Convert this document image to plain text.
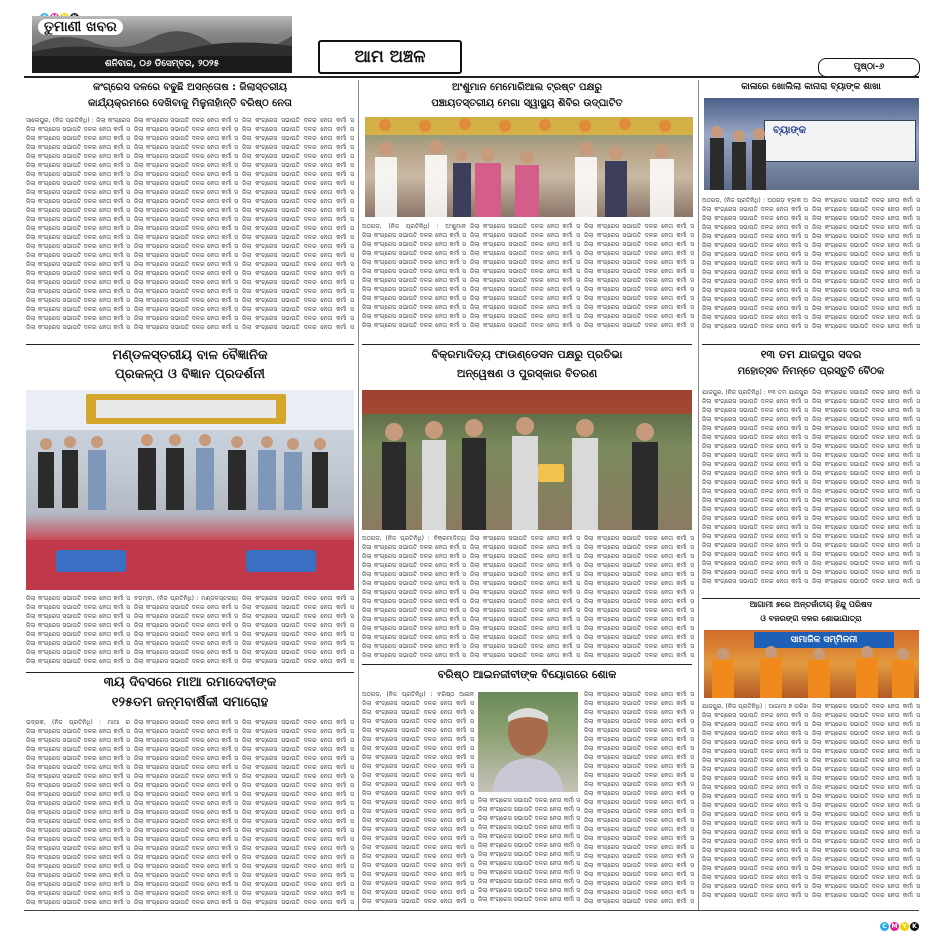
ତୁମାଣୀ ଖବର
ଶନିବାର, ୦୬ ଡିସେମ୍ବର, ୨୦୨୫	ଆମ ଅଞ୍ଚଳ	ପୃଷ୍ଠା-୬
କଂଗ୍ରେସ ଦଳରେ ବଢୁଛି ଅସନ୍ତୋଷ : ଜିଲାସ୍ତରୀୟ
କାର୍ଯ୍ୟକ୍ରମରେ ଦେଖିବାକୁ ମିଳୁନାହାଁନ୍ତି ବରିଷ୍ଠ ନେତା
ସାଲେପୁର, (ନିଜ ପ୍ରତିନିଧି) : ଜିଲା କଂଗ୍ରେସ
ଜିଲା କଂଗ୍ରେସ ସଭାପତି ଦଳର ନେତା କର୍ମୀ ସ
ଜିଲା କଂଗ୍ରେସ ସଭାପତି ଦଳର ନେତା କର୍ମୀ ସ
ଜିଲା କଂଗ୍ରେସ ସଭାପତି ଦଳର ନେତା କର୍ମୀ ସ
ଜିଲା କଂଗ୍ରେସ ସଭାପତି ଦଳର ନେତା କର୍ମୀ ସ
ଜିଲା କଂଗ୍ରେସ ସଭାପତି ଦଳର ନେତା କର୍ମୀ ସ
ଜିଲା କଂଗ୍ରେସ ସଭାପତି ଦଳର ନେତା କର୍ମୀ ସ
ଜିଲା କଂଗ୍ରେସ ସଭାପତି ଦଳର ନେତା କର୍ମୀ ସ
ଜିଲା କଂଗ୍ରେସ ସଭାପତି ଦଳର ନେତା କର୍ମୀ ସ
ଜିଲା କଂଗ୍ରେସ ସଭାପତି ଦଳର ନେତା କର୍ମୀ ସ
ଜିଲା କଂଗ୍ରେସ ସଭାପତି ଦଳର ନେତା କର୍ମୀ ସ
ଜିଲା କଂଗ୍ରେସ ସଭାପତି ଦଳର ନେତା କର୍ମୀ ସ
ଜିଲା କଂଗ୍ରେସ ସଭାପତି ଦଳର ନେତା କର୍ମୀ ସ
ଜିଲା କଂଗ୍ରେସ ସଭାପତି ଦଳର ନେତା କର୍ମୀ ସ
ଜିଲା କଂଗ୍ରେସ ସଭାପତି ଦଳର ନେତା କର୍ମୀ ସ
ଜିଲା କଂଗ୍ରେସ ସଭାପତି ଦଳର ନେତା କର୍ମୀ ସ
ଜିଲା କଂଗ୍ରେସ ସଭାପତି ଦଳର ନେତା କର୍ମୀ ସ
ଜିଲା କଂଗ୍ରେସ ସଭାପତି ଦଳର ନେତା କର୍ମୀ ସ
ଜିଲା କଂଗ୍ରେସ ସଭାପତି ଦଳର ନେତା କର୍ମୀ ସ
ଜିଲା କଂଗ୍ରେସ ସଭାପତି ଦଳର ନେତା କର୍ମୀ ସ
ଜିଲା କଂଗ୍ରେସ ସଭାପତି ଦଳର ନେତା କର୍ମୀ ସ
ଜିଲା କଂଗ୍ରେସ ସଭାପତି ଦଳର ନେତା କର୍ମୀ ସ
ଜିଲା କଂଗ୍ରେସ ସଭାପତି ଦଳର ନେତା କର୍ମୀ ସ
ଜିଲା କଂଗ୍ରେସ ସଭାପତି ଦଳର ନେତା କର୍ମୀ ସ
ଜିଲା କଂଗ୍ରେସ ସଭାପତି ଦଳର ନେତା କର୍ମୀ ସ
ଜିଲା କଂଗ୍ରେସ ସଭାପତି ଦଳର ନେତା କର୍ମୀ ସ
ଜିଲା କଂଗ୍ରେସ ସଭାପତି ଦଳର ନେତା କର୍ମୀ ସ
ଜିଲା କଂଗ୍ରେସ ସଭାପତି ଦଳର ନେତା କର୍ମୀ ସ
ଜିଲା କଂଗ୍ରେସ ସଭାପତି ଦଳର ନେତା କର୍ମୀ ସ
ଜିଲା କଂଗ୍ରେସ ସଭାପତି ଦଳର ନେତା କର୍ମୀ ସ
ଜିଲା କଂଗ୍ରେସ ସଭାପତି ଦଳର ନେତା କର୍ମୀ ସ
ଜିଲା କଂଗ୍ରେସ ସଭାପତି ଦଳର ନେତା କର୍ମୀ ସ
ଜିଲା କଂଗ୍ରେସ ସଭାପତି ଦଳର ନେତା କର୍ମୀ ସ
ଜିଲା କଂଗ୍ରେସ ସଭାପତି ଦଳର ନେତା କର୍ମୀ ସ
ଜିଲା କଂଗ୍ରେସ ସଭାପତି ଦଳର ନେତା କର୍ମୀ ସ
ଜିଲା କଂଗ୍ରେସ ସଭାପତି ଦଳର ନେତା କର୍ମୀ ସ
ଜିଲା କଂଗ୍ରେସ ସଭାପତି ଦଳର ନେତା କର୍ମୀ ସ
ଜିଲା କଂଗ୍ରେସ ସଭାପତି ଦଳର ନେତା କର୍ମୀ ସ
ଜିଲା କଂଗ୍ରେସ ସଭାପତି ଦଳର ନେତା କର୍ମୀ ସ
ଜିଲା କଂଗ୍ରେସ ସଭାପତି ଦଳର ନେତା କର୍ମୀ ସ
ଜିଲା କଂଗ୍ରେସ ସଭାପତି ଦଳର ନେତା କର୍ମୀ ସ
ଜିଲା କଂଗ୍ରେସ ସଭାପତି ଦଳର ନେତା କର୍ମୀ ସ
ଜିଲା କଂଗ୍ରେସ ସଭାପତି ଦଳର ନେତା କର୍ମୀ ସ
ଜିଲା କଂଗ୍ରେସ ସଭାପତି ଦଳର ନେତା କର୍ମୀ ସ
ଜିଲା କଂଗ୍ରେସ ସଭାପତି ଦଳର ନେତା କର୍ମୀ ସ
ଜିଲା କଂଗ୍ରେସ ସଭାପତି ଦଳର ନେତା କର୍ମୀ ସ
ଜିଲା କଂଗ୍ରେସ ସଭାପତି ଦଳର ନେତା କର୍ମୀ ସ
ଜିଲା କଂଗ୍ରେସ ସଭାପତି ଦଳର ନେତା କର୍ମୀ ସ
ଜିଲା କଂଗ୍ରେସ ସଭାପତି ଦଳର ନେତା କର୍ମୀ ସ
ଜିଲା କଂଗ୍ରେସ ସଭାପତି ଦଳର ନେତା କର୍ମୀ ସ
ଜିଲା କଂଗ୍ରେସ ସଭାପତି ଦଳର ନେତା କର୍ମୀ ସ
ଜିଲା କଂଗ୍ରେସ ସଭାପତି ଦଳର ନେତା କର୍ମୀ ସ
ଜିଲା କଂଗ୍ରେସ ସଭାପତି ଦଳର ନେତା କର୍ମୀ ସ
ଜିଲା କଂଗ୍ରେସ ସଭାପତି ଦଳର ନେତା କର୍ମୀ ସ
ଜିଲା କଂଗ୍ରେସ ସଭାପତି ଦଳର ନେତା କର୍ମୀ ସ
ଜିଲା କଂଗ୍ରେସ ସଭାପତି ଦଳର ନେତା କର୍ମୀ ସ
ଜିଲା କଂଗ୍ରେସ ସଭାପତି ଦଳର ନେତା କର୍ମୀ ସ
ଜିଲା କଂଗ୍ରେସ ସଭାପତି ଦଳର ନେତା କର୍ମୀ ସ
ଜିଲା କଂଗ୍ରେସ ସଭାପତି ଦଳର ନେତା କର୍ମୀ ସ
ଜିଲା କଂଗ୍ରେସ ସଭାପତି ଦଳର ନେତା କର୍ମୀ ସ
ଜିଲା କଂଗ୍ରେସ ସଭାପତି ଦଳର ନେତା କର୍ମୀ ସ
ଜିଲା କଂଗ୍ରେସ ସଭାପତି ଦଳର ନେତା କର୍ମୀ ସ
ଜିଲା କଂଗ୍ରେସ ସଭାପତି ଦଳର ନେତା କର୍ମୀ ସ
ଜିଲା କଂଗ୍ରେସ ସଭାପତି ଦଳର ନେତା କର୍ମୀ ସ
ଜିଲା କଂଗ୍ରେସ ସଭାପତି ଦଳର ନେତା କର୍ମୀ ସ
ଜିଲା କଂଗ୍ରେସ ସଭାପତି ଦଳର ନେତା କର୍ମୀ ସ
ଜିଲା କଂଗ୍ରେସ ସଭାପତି ଦଳର ନେତା କର୍ମୀ ସ
ଜିଲା କଂଗ୍ରେସ ସଭାପତି ଦଳର ନେତା କର୍ମୀ ସ
ଜିଲା କଂଗ୍ରେସ ସଭାପତି ଦଳର ନେତା କର୍ମୀ ସ
ଜିଲା କଂଗ୍ରେସ ସଭାପତି ଦଳର ନେତା କର୍ମୀ ସ
ଜିଲା କଂଗ୍ରେସ ସଭାପତି ଦଳର ନେତା କର୍ମୀ ସ
ଜିଲା କଂଗ୍ରେସ ସଭାପତି ଦଳର ନେତା କର୍ମୀ ସ
ଅଂଶୁମାନ ମେମୋରିଆଲ ଟ୍ରଷ୍ଟ ପକ୍ଷରୁ
ପଞ୍ଚାୟତସ୍ତରୀୟ ମେଗା ସ୍ୱାସ୍ଥ୍ୟ ଶିବିର ଉଦ୍‌ଘାଟିତ
ଅଠଗଡ଼, (ନିଜ ପ୍ରତିନିଧି) : ଅଂଶୁମାନ
ଜିଲା କଂଗ୍ରେସ ସଭାପତି ଦଳର ନେତା କର୍ମୀ ସ
ଜିଲା କଂଗ୍ରେସ ସଭାପତି ଦଳର ନେତା କର୍ମୀ ସ
ଜିଲା କଂଗ୍ରେସ ସଭାପତି ଦଳର ନେତା କର୍ମୀ ସ
ଜିଲା କଂଗ୍ରେସ ସଭାପତି ଦଳର ନେତା କର୍ମୀ ସ
ଜିଲା କଂଗ୍ରେସ ସଭାପତି ଦଳର ନେତା କର୍ମୀ ସ
ଜିଲା କଂଗ୍ରେସ ସଭାପତି ଦଳର ନେତା କର୍ମୀ ସ
ଜିଲା କଂଗ୍ରେସ ସଭାପତି ଦଳର ନେତା କର୍ମୀ ସ
ଜିଲା କଂଗ୍ରେସ ସଭାପତି ଦଳର ନେତା କର୍ମୀ ସ
ଜିଲା କଂଗ୍ରେସ ସଭାପତି ଦଳର ନେତା କର୍ମୀ ସ
ଜିଲା କଂଗ୍ରେସ ସଭାପତି ଦଳର ନେତା କର୍ମୀ ସ
ଜିଲା କଂଗ୍ରେସ ସଭାପତି ଦଳର ନେତା କର୍ମୀ ସ
ଜିଲା କଂଗ୍ରେସ ସଭାପତି ଦଳର ନେତା କର୍ମୀ ସ
ଜିଲା କଂଗ୍ରେସ ସଭାପତି ଦଳର ନେତା କର୍ମୀ ସ
ଜିଲା କଂଗ୍ରେସ ସଭାପତି ଦଳର ନେତା କର୍ମୀ ସ
ଜିଲା କଂଗ୍ରେସ ସଭାପତି ଦଳର ନେତା କର୍ମୀ ସ
ଜିଲା କଂଗ୍ରେସ ସଭାପତି ଦଳର ନେତା କର୍ମୀ ସ
ଜିଲା କଂଗ୍ରେସ ସଭାପତି ଦଳର ନେତା କର୍ମୀ ସ
ଜିଲା କଂଗ୍ରେସ ସଭାପତି ଦଳର ନେତା କର୍ମୀ ସ
ଜିଲା କଂଗ୍ରେସ ସଭାପତି ଦଳର ନେତା କର୍ମୀ ସ
ଜିଲା କଂଗ୍ରେସ ସଭାପତି ଦଳର ନେତା କର୍ମୀ ସ
ଜିଲା କଂଗ୍ରେସ ସଭାପତି ଦଳର ନେତା କର୍ମୀ ସ
ଜିଲା କଂଗ୍ରେସ ସଭାପତି ଦଳର ନେତା କର୍ମୀ ସ
ଜିଲା କଂଗ୍ରେସ ସଭାପତି ଦଳର ନେତା କର୍ମୀ ସ
ଜିଲା କଂଗ୍ରେସ ସଭାପତି ଦଳର ନେତା କର୍ମୀ ସ
ଜିଲା କଂଗ୍ରେସ ସଭାପତି ଦଳର ନେତା କର୍ମୀ ସ
ଜିଲା କଂଗ୍ରେସ ସଭାପତି ଦଳର ନେତା କର୍ମୀ ସ
ଜିଲା କଂଗ୍ରେସ ସଭାପତି ଦଳର ନେତା କର୍ମୀ ସ
ଜିଲା କଂଗ୍ରେସ ସଭାପତି ଦଳର ନେତା କର୍ମୀ ସ
ଜିଲା କଂଗ୍ରେସ ସଭାପତି ଦଳର ନେତା କର୍ମୀ ସ
ଜିଲା କଂଗ୍ରେସ ସଭାପତି ଦଳର ନେତା କର୍ମୀ ସ
ଜିଲା କଂଗ୍ରେସ ସଭାପତି ଦଳର ନେତା କର୍ମୀ ସ
ଜିଲା କଂଗ୍ରେସ ସଭାପତି ଦଳର ନେତା କର୍ମୀ ସ
ଜିଲା କଂଗ୍ରେସ ସଭାପତି ଦଳର ନେତା କର୍ମୀ ସ
ଜିଲା କଂଗ୍ରେସ ସଭାପତି ଦଳର ନେତା କର୍ମୀ ସ
ଜିଲା କଂଗ୍ରେସ ସଭାପତି ଦଳର ନେତା କର୍ମୀ ସ
କାଳାରେ ଖୋଲିଲା କାନାରା ବ୍ୟାଙ୍କ ଶାଖା
ବ୍ୟାଙ୍କ
ଅଠଗଡ଼, (ନିଜ ପ୍ରତିନିଧି) : ଅଠଗଡ଼ ବ୍ଲକ ଅ
ଜିଲା କଂଗ୍ରେସ ସଭାପତି ଦଳର ନେତା କର୍ମୀ ସ
ଜିଲା କଂଗ୍ରେସ ସଭାପତି ଦଳର ନେତା କର୍ମୀ ସ
ଜିଲା କଂଗ୍ରେସ ସଭାପତି ଦଳର ନେତା କର୍ମୀ ସ
ଜିଲା କଂଗ୍ରେସ ସଭାପତି ଦଳର ନେତା କର୍ମୀ ସ
ଜିଲା କଂଗ୍ରେସ ସଭାପତି ଦଳର ନେତା କର୍ମୀ ସ
ଜିଲା କଂଗ୍ରେସ ସଭାପତି ଦଳର ନେତା କର୍ମୀ ସ
ଜିଲା କଂଗ୍ରେସ ସଭାପତି ଦଳର ନେତା କର୍ମୀ ସ
ଜିଲା କଂଗ୍ରେସ ସଭାପତି ଦଳର ନେତା କର୍ମୀ ସ
ଜିଲା କଂଗ୍ରେସ ସଭାପତି ଦଳର ନେତା କର୍ମୀ ସ
ଜିଲା କଂଗ୍ରେସ ସଭାପତି ଦଳର ନେତା କର୍ମୀ ସ
ଜିଲା କଂଗ୍ରେସ ସଭାପତି ଦଳର ନେତା କର୍ମୀ ସ
ଜିଲା କଂଗ୍ରେସ ସଭାପତି ଦଳର ନେତା କର୍ମୀ ସ
ଜିଲା କଂଗ୍ରେସ ସଭାପତି ଦଳର ନେତା କର୍ମୀ ସ
ଜିଲା କଂଗ୍ରେସ ସଭାପତି ଦଳର ନେତା କର୍ମୀ ସ
ଜିଲା କଂଗ୍ରେସ ସଭାପତି ଦଳର ନେତା କର୍ମୀ ସ
ଜିଲା କଂଗ୍ରେସ ସଭାପତି ଦଳର ନେତା କର୍ମୀ ସ
ଜିଲା କଂଗ୍ରେସ ସଭାପତି ଦଳର ନେତା କର୍ମୀ ସ
ଜିଲା କଂଗ୍ରେସ ସଭାପତି ଦଳର ନେତା କର୍ମୀ ସ
ଜିଲା କଂଗ୍ରେସ ସଭାପତି ଦଳର ନେତା କର୍ମୀ ସ
ଜିଲା କଂଗ୍ରେସ ସଭାପତି ଦଳର ନେତା କର୍ମୀ ସ
ଜିଲା କଂଗ୍ରେସ ସଭାପତି ଦଳର ନେତା କର୍ମୀ ସ
ଜିଲା କଂଗ୍ରେସ ସଭାପତି ଦଳର ନେତା କର୍ମୀ ସ
ଜିଲା କଂଗ୍ରେସ ସଭାପତି ଦଳର ନେତା କର୍ମୀ ସ
ଜିଲା କଂଗ୍ରେସ ସଭାପତି ଦଳର ନେତା କର୍ମୀ ସ
ଜିଲା କଂଗ୍ରେସ ସଭାପତି ଦଳର ନେତା କର୍ମୀ ସ
ଜିଲା କଂଗ୍ରେସ ସଭାପତି ଦଳର ନେତା କର୍ମୀ ସ
ଜିଲା କଂଗ୍ରେସ ସଭାପତି ଦଳର ନେତା କର୍ମୀ ସ
ଜିଲା କଂଗ୍ରେସ ସଭାପତି ଦଳର ନେତା କର୍ମୀ ସ
ଜିଲା କଂଗ୍ରେସ ସଭାପତି ଦଳର ନେତା କର୍ମୀ ସ
ମଣ୍ଡଳସ୍ତରୀୟ ବାଳ ବୈଜ୍ଞାନିକ
ପ୍ରକଳ୍ପ ଓ ବିଜ୍ଞାନ ପ୍ରଦର୍ଶନୀ
ଜିଲା କଂଗ୍ରେସ ସଭାପତି ଦଳର ନେତା କର୍ମୀ ସ
ଜିଲା କଂଗ୍ରେସ ସଭାପତି ଦଳର ନେତା କର୍ମୀ ସ
ଜିଲା କଂଗ୍ରେସ ସଭାପତି ଦଳର ନେତା କର୍ମୀ ସ
ଜିଲା କଂଗ୍ରେସ ସଭାପତି ଦଳର ନେତା କର୍ମୀ ସ
ଜିଲା କଂଗ୍ରେସ ସଭାପତି ଦଳର ନେତା କର୍ମୀ ସ
ଜିଲା କଂଗ୍ରେସ ସଭାପତି ଦଳର ନେତା କର୍ମୀ ସ
ଜିଲା କଂଗ୍ରେସ ସଭାପତି ଦଳର ନେତା କର୍ମୀ ସ
ଜିଲା କଂଗ୍ରେସ ସଭାପତି ଦଳର ନେତା କର୍ମୀ ସ
ବଡ଼ମ୍ବା, (ନିଜ ପ୍ରତିନିଧି) : ମଣ୍ଡଳସ୍ତରୀୟ
ଜିଲା କଂଗ୍ରେସ ସଭାପତି ଦଳର ନେତା କର୍ମୀ ସ
ଜିଲା କଂଗ୍ରେସ ସଭାପତି ଦଳର ନେତା କର୍ମୀ ସ
ଜିଲା କଂଗ୍ରେସ ସଭାପତି ଦଳର ନେତା କର୍ମୀ ସ
ଜିଲା କଂଗ୍ରେସ ସଭାପତି ଦଳର ନେତା କର୍ମୀ ସ
ଜିଲା କଂଗ୍ରେସ ସଭାପତି ଦଳର ନେତା କର୍ମୀ ସ
ଜିଲା କଂଗ୍ରେସ ସଭାପତି ଦଳର ନେତା କର୍ମୀ ସ
ଜିଲା କଂଗ୍ରେସ ସଭାପତି ଦଳର ନେତା କର୍ମୀ ସ
ଜିଲା କଂଗ୍ରେସ ସଭାପତି ଦଳର ନେତା କର୍ମୀ ସ
ଜିଲା କଂଗ୍ରେସ ସଭାପତି ଦଳର ନେତା କର୍ମୀ ସ
ଜିଲା କଂଗ୍ରେସ ସଭାପତି ଦଳର ନେତା କର୍ମୀ ସ
ଜିଲା କଂଗ୍ରେସ ସଭାପତି ଦଳର ନେତା କର୍ମୀ ସ
ଜିଲା କଂଗ୍ରେସ ସଭାପତି ଦଳର ନେତା କର୍ମୀ ସ
ଜିଲା କଂଗ୍ରେସ ସଭାପତି ଦଳର ନେତା କର୍ମୀ ସ
ଜିଲା କଂଗ୍ରେସ ସଭାପତି ଦଳର ନେତା କର୍ମୀ ସ
ଜିଲା କଂଗ୍ରେସ ସଭାପତି ଦଳର ନେତା କର୍ମୀ ସ
ବିକ୍ରମାଦିତ୍ୟ ଫାଉଣ୍ଡେସନ ପକ୍ଷରୁ ପ୍ରତିଭା
ଅନ୍ୱେଷଣ ଓ ପୁରସ୍କାର ବିତରଣ
ଅଠଗଡ଼, (ନିଜ ପ୍ରତିନିଧି) : ବିକ୍ରମାଦିତ୍ୟ
ଜିଲା କଂଗ୍ରେସ ସଭାପତି ଦଳର ନେତା କର୍ମୀ ସ
ଜିଲା କଂଗ୍ରେସ ସଭାପତି ଦଳର ନେତା କର୍ମୀ ସ
ଜିଲା କଂଗ୍ରେସ ସଭାପତି ଦଳର ନେତା କର୍ମୀ ସ
ଜିଲା କଂଗ୍ରେସ ସଭାପତି ଦଳର ନେତା କର୍ମୀ ସ
ଜିଲା କଂଗ୍ରେସ ସଭାପତି ଦଳର ନେତା କର୍ମୀ ସ
ଜିଲା କଂଗ୍ରେସ ସଭାପତି ଦଳର ନେତା କର୍ମୀ ସ
ଜିଲା କଂଗ୍ରେସ ସଭାପତି ଦଳର ନେତା କର୍ମୀ ସ
ଜିଲା କଂଗ୍ରେସ ସଭାପତି ଦଳର ନେତା କର୍ମୀ ସ
ଜିଲା କଂଗ୍ରେସ ସଭାପତି ଦଳର ନେତା କର୍ମୀ ସ
ଜିଲା କଂଗ୍ରେସ ସଭାପତି ଦଳର ନେତା କର୍ମୀ ସ
ଜିଲା କଂଗ୍ରେସ ସଭାପତି ଦଳର ନେତା କର୍ମୀ ସ
ଜିଲା କଂଗ୍ରେସ ସଭାପତି ଦଳର ନେତା କର୍ମୀ ସ
ଜିଲା କଂଗ୍ରେସ ସଭାପତି ଦଳର ନେତା କର୍ମୀ ସ
ଜିଲା କଂଗ୍ରେସ ସଭାପତି ଦଳର ନେତା କର୍ମୀ ସ
ଜିଲା କଂଗ୍ରେସ ସଭାପତି ଦଳର ନେତା କର୍ମୀ ସ
ଜିଲା କଂଗ୍ରେସ ସଭାପତି ଦଳର ନେତା କର୍ମୀ ସ
ଜିଲା କଂଗ୍ରେସ ସଭାପତି ଦଳର ନେତା କର୍ମୀ ସ
ଜିଲା କଂଗ୍ରେସ ସଭାପତି ଦଳର ନେତା କର୍ମୀ ସ
ଜିଲା କଂଗ୍ରେସ ସଭାପତି ଦଳର ନେତା କର୍ମୀ ସ
ଜିଲା କଂଗ୍ରେସ ସଭାପତି ଦଳର ନେତା କର୍ମୀ ସ
ଜିଲା କଂଗ୍ରେସ ସଭାପତି ଦଳର ନେତା କର୍ମୀ ସ
ଜିଲା କଂଗ୍ରେସ ସଭାପତି ଦଳର ନେତା କର୍ମୀ ସ
ଜିଲା କଂଗ୍ରେସ ସଭାପତି ଦଳର ନେତା କର୍ମୀ ସ
ଜିଲା କଂଗ୍ରେସ ସଭାପତି ଦଳର ନେତା କର୍ମୀ ସ
ଜିଲା କଂଗ୍ରେସ ସଭାପତି ଦଳର ନେତା କର୍ମୀ ସ
ଜିଲା କଂଗ୍ରେସ ସଭାପତି ଦଳର ନେତା କର୍ମୀ ସ
ଜିଲା କଂଗ୍ରେସ ସଭାପତି ଦଳର ନେତା କର୍ମୀ ସ
ଜିଲା କଂଗ୍ରେସ ସଭାପତି ଦଳର ନେତା କର୍ମୀ ସ
ଜିଲା କଂଗ୍ରେସ ସଭାପତି ଦଳର ନେତା କର୍ମୀ ସ
ଜିଲା କଂଗ୍ରେସ ସଭାପତି ଦଳର ନେତା କର୍ମୀ ସ
ଜିଲା କଂଗ୍ରେସ ସଭାପତି ଦଳର ନେତା କର୍ମୀ ସ
ଜିଲା କଂଗ୍ରେସ ସଭାପତି ଦଳର ନେତା କର୍ମୀ ସ
ଜିଲା କଂଗ୍ରେସ ସଭାପତି ଦଳର ନେତା କର୍ମୀ ସ
ଜିଲା କଂଗ୍ରେସ ସଭାପତି ଦଳର ନେତା କର୍ମୀ ସ
ଜିଲା କଂଗ୍ରେସ ସଭାପତି ଦଳର ନେତା କର୍ମୀ ସ
ଜିଲା କଂଗ୍ରେସ ସଭାପତି ଦଳର ନେତା କର୍ମୀ ସ
ଜିଲା କଂଗ୍ରେସ ସଭାପତି ଦଳର ନେତା କର୍ମୀ ସ
ଜିଲା କଂଗ୍ରେସ ସଭାପତି ଦଳର ନେତା କର୍ମୀ ସ
ଜିଲା କଂଗ୍ରେସ ସଭାପତି ଦଳର ନେତା କର୍ମୀ ସ
ଜିଲା କଂଗ୍ରେସ ସଭାପତି ଦଳର ନେତା କର୍ମୀ ସ
ଜିଲା କଂଗ୍ରେସ ସଭାପତି ଦଳର ନେତା କର୍ମୀ ସ
୧୩ ତମ ଯାଜପୁର ସଦର
ମହୋତ୍ସବ ନିମନ୍ତେ ପ୍ରସ୍ତୁତି ବୈଠକ
ଯାଜପୁର, (ନିଜ ପ୍ରତିନିଧି) : ୧୩ ତମ ଯାଜପୁର
ଜିଲା କଂଗ୍ରେସ ସଭାପତି ଦଳର ନେତା କର୍ମୀ ସ
ଜିଲା କଂଗ୍ରେସ ସଭାପତି ଦଳର ନେତା କର୍ମୀ ସ
ଜିଲା କଂଗ୍ରେସ ସଭାପତି ଦଳର ନେତା କର୍ମୀ ସ
ଜିଲା କଂଗ୍ରେସ ସଭାପତି ଦଳର ନେତା କର୍ମୀ ସ
ଜିଲା କଂଗ୍ରେସ ସଭାପତି ଦଳର ନେତା କର୍ମୀ ସ
ଜିଲା କଂଗ୍ରେସ ସଭାପତି ଦଳର ନେତା କର୍ମୀ ସ
ଜିଲା କଂଗ୍ରେସ ସଭାପତି ଦଳର ନେତା କର୍ମୀ ସ
ଜିଲା କଂଗ୍ରେସ ସଭାପତି ଦଳର ନେତା କର୍ମୀ ସ
ଜିଲା କଂଗ୍ରେସ ସଭାପତି ଦଳର ନେତା କର୍ମୀ ସ
ଜିଲା କଂଗ୍ରେସ ସଭାପତି ଦଳର ନେତା କର୍ମୀ ସ
ଜିଲା କଂଗ୍ରେସ ସଭାପତି ଦଳର ନେତା କର୍ମୀ ସ
ଜିଲା କଂଗ୍ରେସ ସଭାପତି ଦଳର ନେତା କର୍ମୀ ସ
ଜିଲା କଂଗ୍ରେସ ସଭାପତି ଦଳର ନେତା କର୍ମୀ ସ
ଜିଲା କଂଗ୍ରେସ ସଭାପତି ଦଳର ନେତା କର୍ମୀ ସ
ଜିଲା କଂଗ୍ରେସ ସଭାପତି ଦଳର ନେତା କର୍ମୀ ସ
ଜିଲା କଂଗ୍ରେସ ସଭାପତି ଦଳର ନେତା କର୍ମୀ ସ
ଜିଲା କଂଗ୍ରେସ ସଭାପତି ଦଳର ନେତା କର୍ମୀ ସ
ଜିଲା କଂଗ୍ରେସ ସଭାପତି ଦଳର ନେତା କର୍ମୀ ସ
ଜିଲା କଂଗ୍ରେସ ସଭାପତି ଦଳର ନେତା କର୍ମୀ ସ
ଜିଲା କଂଗ୍ରେସ ସଭାପତି ଦଳର ନେତା କର୍ମୀ ସ
ଜିଲା କଂଗ୍ରେସ ସଭାପତି ଦଳର ନେତା କର୍ମୀ ସ
ଜିଲା କଂଗ୍ରେସ ସଭାପତି ଦଳର ନେତା କର୍ମୀ ସ
ଜିଲା କଂଗ୍ରେସ ସଭାପତି ଦଳର ନେତା କର୍ମୀ ସ
ଜିଲା କଂଗ୍ରେସ ସଭାପତି ଦଳର ନେତା କର୍ମୀ ସ
ଜିଲା କଂଗ୍ରେସ ସଭାପତି ଦଳର ନେତା କର୍ମୀ ସ
ଜିଲା କଂଗ୍ରେସ ସଭାପତି ଦଳର ନେତା କର୍ମୀ ସ
ଜିଲା କଂଗ୍ରେସ ସଭାପତି ଦଳର ନେତା କର୍ମୀ ସ
ଜିଲା କଂଗ୍ରେସ ସଭାପତି ଦଳର ନେତା କର୍ମୀ ସ
ଜିଲା କଂଗ୍ରେସ ସଭାପତି ଦଳର ନେତା କର୍ମୀ ସ
ଜିଲା କଂଗ୍ରେସ ସଭାପତି ଦଳର ନେତା କର୍ମୀ ସ
ଜିଲା କଂଗ୍ରେସ ସଭାପତି ଦଳର ନେତା କର୍ମୀ ସ
ଜିଲା କଂଗ୍ରେସ ସଭାପତି ଦଳର ନେତା କର୍ମୀ ସ
ଜିଲା କଂଗ୍ରେସ ସଭାପତି ଦଳର ନେତା କର୍ମୀ ସ
ଜିଲା କଂଗ୍ରେସ ସଭାପତି ଦଳର ନେତା କର୍ମୀ ସ
ଜିଲା କଂଗ୍ରେସ ସଭାପତି ଦଳର ନେତା କର୍ମୀ ସ
ଜିଲା କଂଗ୍ରେସ ସଭାପତି ଦଳର ନେତା କର୍ମୀ ସ
ଜିଲା କଂଗ୍ରେସ ସଭାପତି ଦଳର ନେତା କର୍ମୀ ସ
ଜିଲା କଂଗ୍ରେସ ସଭାପତି ଦଳର ନେତା କର୍ମୀ ସ
ଜିଲା କଂଗ୍ରେସ ସଭାପତି ଦଳର ନେତା କର୍ମୀ ସ
ଜିଲା କଂଗ୍ରେସ ସଭାପତି ଦଳର ନେତା କର୍ମୀ ସ
ଜିଲା କଂଗ୍ରେସ ସଭାପତି ଦଳର ନେତା କର୍ମୀ ସ
ଜିଲା କଂଗ୍ରେସ ସଭାପତି ଦଳର ନେତା କର୍ମୀ ସ
ଜିଲା କଂଗ୍ରେସ ସଭାପତି ଦଳର ନେତା କର୍ମୀ ସ
ଆଗାମୀ ୭ରେ ଅନ୍ତର୍ଜାତୀୟ ହିନ୍ଦୁ ପରିଷଦ
ଓ ବଜରଙ୍ଗ ଦଳର ଶୋଭାଯାତ୍ରା
ସାମାଜିକ ସମ୍ମିଳନୀ
ଯାଜପୁର, (ନିଜ ପ୍ରତିନିଧି) : ଆଗାମୀ ୭ ତାରିଖ
ଜିଲା କଂଗ୍ରେସ ସଭାପତି ଦଳର ନେତା କର୍ମୀ ସ
ଜିଲା କଂଗ୍ରେସ ସଭାପତି ଦଳର ନେତା କର୍ମୀ ସ
ଜିଲା କଂଗ୍ରେସ ସଭାପତି ଦଳର ନେତା କର୍ମୀ ସ
ଜିଲା କଂଗ୍ରେସ ସଭାପତି ଦଳର ନେତା କର୍ମୀ ସ
ଜିଲା କଂଗ୍ରେସ ସଭାପତି ଦଳର ନେତା କର୍ମୀ ସ
ଜିଲା କଂଗ୍ରେସ ସଭାପତି ଦଳର ନେତା କର୍ମୀ ସ
ଜିଲା କଂଗ୍ରେସ ସଭାପତି ଦଳର ନେତା କର୍ମୀ ସ
ଜିଲା କଂଗ୍ରେସ ସଭାପତି ଦଳର ନେତା କର୍ମୀ ସ
ଜିଲା କଂଗ୍ରେସ ସଭାପତି ଦଳର ନେତା କର୍ମୀ ସ
ଜିଲା କଂଗ୍ରେସ ସଭାପତି ଦଳର ନେତା କର୍ମୀ ସ
ଜିଲା କଂଗ୍ରେସ ସଭାପତି ଦଳର ନେତା କର୍ମୀ ସ
ଜିଲା କଂଗ୍ରେସ ସଭାପତି ଦଳର ନେତା କର୍ମୀ ସ
ଜିଲା କଂଗ୍ରେସ ସଭାପତି ଦଳର ନେତା କର୍ମୀ ସ
ଜିଲା କଂଗ୍ରେସ ସଭାପତି ଦଳର ନେତା କର୍ମୀ ସ
ଜିଲା କଂଗ୍ରେସ ସଭାପତି ଦଳର ନେତା କର୍ମୀ ସ
ଜିଲା କଂଗ୍ରେସ ସଭାପତି ଦଳର ନେତା କର୍ମୀ ସ
ଜିଲା କଂଗ୍ରେସ ସଭାପତି ଦଳର ନେତା କର୍ମୀ ସ
ଜିଲା କଂଗ୍ରେସ ସଭାପତି ଦଳର ନେତା କର୍ମୀ ସ
ଜିଲା କଂଗ୍ରେସ ସଭାପତି ଦଳର ନେତା କର୍ମୀ ସ
ଜିଲା କଂଗ୍ରେସ ସଭାପତି ଦଳର ନେତା କର୍ମୀ ସ
ଜିଲା କଂଗ୍ରେସ ସଭାପତି ଦଳର ନେତା କର୍ମୀ ସ
ଜିଲା କଂଗ୍ରେସ ସଭାପତି ଦଳର ନେତା କର୍ମୀ ସ
ଜିଲା କଂଗ୍ରେସ ସଭାପତି ଦଳର ନେତା କର୍ମୀ ସ
ଜିଲା କଂଗ୍ରେସ ସଭାପତି ଦଳର ନେତା କର୍ମୀ ସ
ଜିଲା କଂଗ୍ରେସ ସଭାପତି ଦଳର ନେତା କର୍ମୀ ସ
ଜିଲା କଂଗ୍ରେସ ସଭାପତି ଦଳର ନେତା କର୍ମୀ ସ
ଜିଲା କଂଗ୍ରେସ ସଭାପତି ଦଳର ନେତା କର୍ମୀ ସ
ଜିଲା କଂଗ୍ରେସ ସଭାପତି ଦଳର ନେତା କର୍ମୀ ସ
ଜିଲା କଂଗ୍ରେସ ସଭାପତି ଦଳର ନେତା କର୍ମୀ ସ
ଜିଲା କଂଗ୍ରେସ ସଭାପତି ଦଳର ନେତା କର୍ମୀ ସ
ଜିଲା କଂଗ୍ରେସ ସଭାପତି ଦଳର ନେତା କର୍ମୀ ସ
ଜିଲା କଂଗ୍ରେସ ସଭାପତି ଦଳର ନେତା କର୍ମୀ ସ
ଜିଲା କଂଗ୍ରେସ ସଭାପତି ଦଳର ନେତା କର୍ମୀ ସ
ଜିଲା କଂଗ୍ରେସ ସଭାପତି ଦଳର ନେତା କର୍ମୀ ସ
ଜିଲା କଂଗ୍ରେସ ସଭାପତି ଦଳର ନେତା କର୍ମୀ ସ
ଜିଲା କଂଗ୍ରେସ ସଭାପତି ଦଳର ନେତା କର୍ମୀ ସ
ଜିଲା କଂଗ୍ରେସ ସଭାପତି ଦଳର ନେତା କର୍ମୀ ସ
ଜିଲା କଂଗ୍ରେସ ସଭାପତି ଦଳର ନେତା କର୍ମୀ ସ
ଜିଲା କଂଗ୍ରେସ ସଭାପତି ଦଳର ନେତା କର୍ମୀ ସ
ଜିଲା କଂଗ୍ରେସ ସଭାପତି ଦଳର ନେତା କର୍ମୀ ସ
ଜିଲା କଂଗ୍ରେସ ସଭାପତି ଦଳର ନେତା କର୍ମୀ ସ
ଜିଲା କଂଗ୍ରେସ ସଭାପତି ଦଳର ନେତା କର୍ମୀ ସ
ଜିଲା କଂଗ୍ରେସ ସଭାପତି ଦଳର ନେତା କର୍ମୀ ସ
୩ୟ ଦିବସରେ ମାଆ ରମାଦେବୀଙ୍କ
୧୨୫ତମ ଜନ୍ମବାର୍ଷିକୀ ସମାରୋହ
ଭଦ୍ରକ, (ନିଜ ପ୍ରତିନିଧି) : ମାଆ ର
ଜିଲା କଂଗ୍ରେସ ସଭାପତି ଦଳର ନେତା କର୍ମୀ ସ
ଜିଲା କଂଗ୍ରେସ ସଭାପତି ଦଳର ନେତା କର୍ମୀ ସ
ଜିଲା କଂଗ୍ରେସ ସଭାପତି ଦଳର ନେତା କର୍ମୀ ସ
ଜିଲା କଂଗ୍ରେସ ସଭାପତି ଦଳର ନେତା କର୍ମୀ ସ
ଜିଲା କଂଗ୍ରେସ ସଭାପତି ଦଳର ନେତା କର୍ମୀ ସ
ଜିଲା କଂଗ୍ରେସ ସଭାପତି ଦଳର ନେତା କର୍ମୀ ସ
ଜିଲା କଂଗ୍ରେସ ସଭାପତି ଦଳର ନେତା କର୍ମୀ ସ
ଜିଲା କଂଗ୍ରେସ ସଭାପତି ଦଳର ନେତା କର୍ମୀ ସ
ଜିଲା କଂଗ୍ରେସ ସଭାପତି ଦଳର ନେତା କର୍ମୀ ସ
ଜିଲା କଂଗ୍ରେସ ସଭାପତି ଦଳର ନେତା କର୍ମୀ ସ
ଜିଲା କଂଗ୍ରେସ ସଭାପତି ଦଳର ନେତା କର୍ମୀ ସ
ଜିଲା କଂଗ୍ରେସ ସଭାପତି ଦଳର ନେତା କର୍ମୀ ସ
ଜିଲା କଂଗ୍ରେସ ସଭାପତି ଦଳର ନେତା କର୍ମୀ ସ
ଜିଲା କଂଗ୍ରେସ ସଭାପତି ଦଳର ନେତା କର୍ମୀ ସ
ଜିଲା କଂଗ୍ରେସ ସଭାପତି ଦଳର ନେତା କର୍ମୀ ସ
ଜିଲା କଂଗ୍ରେସ ସଭାପତି ଦଳର ନେତା କର୍ମୀ ସ
ଜିଲା କଂଗ୍ରେସ ସଭାପତି ଦଳର ନେତା କର୍ମୀ ସ
ଜିଲା କଂଗ୍ରେସ ସଭାପତି ଦଳର ନେତା କର୍ମୀ ସ
ଜିଲା କଂଗ୍ରେସ ସଭାପତି ଦଳର ନେତା କର୍ମୀ ସ
ଜିଲା କଂଗ୍ରେସ ସଭାପତି ଦଳର ନେତା କର୍ମୀ ସ
ଜିଲା କଂଗ୍ରେସ ସଭାପତି ଦଳର ନେତା କର୍ମୀ ସ
ଜିଲା କଂଗ୍ରେସ ସଭାପତି ଦଳର ନେତା କର୍ମୀ ସ
ଜିଲା କଂଗ୍ରେସ ସଭାପତି ଦଳର ନେତା କର୍ମୀ ସ
ଜିଲା କଂଗ୍ରେସ ସଭାପତି ଦଳର ନେତା କର୍ମୀ ସ
ଜିଲା କଂଗ୍ରେସ ସଭାପତି ଦଳର ନେତା କର୍ମୀ ସ
ଜିଲା କଂଗ୍ରେସ ସଭାପତି ଦଳର ନେତା କର୍ମୀ ସ
ଜିଲା କଂଗ୍ରେସ ସଭାପତି ଦଳର ନେତା କର୍ମୀ ସ
ଜିଲା କଂଗ୍ରେସ ସଭାପତି ଦଳର ନେତା କର୍ମୀ ସ
ଜିଲା କଂଗ୍ରେସ ସଭାପତି ଦଳର ନେତା କର୍ମୀ ସ
ଜିଲା କଂଗ୍ରେସ ସଭାପତି ଦଳର ନେତା କର୍ମୀ ସ
ଜିଲା କଂଗ୍ରେସ ସଭାପତି ଦଳର ନେତା କର୍ମୀ ସ
ଜିଲା କଂଗ୍ରେସ ସଭାପତି ଦଳର ନେତା କର୍ମୀ ସ
ଜିଲା କଂଗ୍ରେସ ସଭାପତି ଦଳର ନେତା କର୍ମୀ ସ
ଜିଲା କଂଗ୍ରେସ ସଭାପତି ଦଳର ନେତା କର୍ମୀ ସ
ଜିଲା କଂଗ୍ରେସ ସଭାପତି ଦଳର ନେତା କର୍ମୀ ସ
ଜିଲା କଂଗ୍ରେସ ସଭାପତି ଦଳର ନେତା କର୍ମୀ ସ
ଜିଲା କଂଗ୍ରେସ ସଭାପତି ଦଳର ନେତା କର୍ମୀ ସ
ଜିଲା କଂଗ୍ରେସ ସଭାପତି ଦଳର ନେତା କର୍ମୀ ସ
ଜିଲା କଂଗ୍ରେସ ସଭାପତି ଦଳର ନେତା କର୍ମୀ ସ
ଜିଲା କଂଗ୍ରେସ ସଭାପତି ଦଳର ନେତା କର୍ମୀ ସ
ଜିଲା କଂଗ୍ରେସ ସଭାପତି ଦଳର ନେତା କର୍ମୀ ସ
ଜିଲା କଂଗ୍ରେସ ସଭାପତି ଦଳର ନେତା କର୍ମୀ ସ
ଜିଲା କଂଗ୍ରେସ ସଭାପତି ଦଳର ନେତା କର୍ମୀ ସ
ଜିଲା କଂଗ୍ରେସ ସଭାପତି ଦଳର ନେତା କର୍ମୀ ସ
ଜିଲା କଂଗ୍ରେସ ସଭାପତି ଦଳର ନେତା କର୍ମୀ ସ
ଜିଲା କଂଗ୍ରେସ ସଭାପତି ଦଳର ନେତା କର୍ମୀ ସ
ଜିଲା କଂଗ୍ରେସ ସଭାପତି ଦଳର ନେତା କର୍ମୀ ସ
ଜିଲା କଂଗ୍ରେସ ସଭାପତି ଦଳର ନେତା କର୍ମୀ ସ
ଜିଲା କଂଗ୍ରେସ ସଭାପତି ଦଳର ନେତା କର୍ମୀ ସ
ଜିଲା କଂଗ୍ରେସ ସଭାପତି ଦଳର ନେତା କର୍ମୀ ସ
ଜିଲା କଂଗ୍ରେସ ସଭାପତି ଦଳର ନେତା କର୍ମୀ ସ
ଜିଲା କଂଗ୍ରେସ ସଭାପତି ଦଳର ନେତା କର୍ମୀ ସ
ଜିଲା କଂଗ୍ରେସ ସଭାପତି ଦଳର ନେତା କର୍ମୀ ସ
ଜିଲା କଂଗ୍ରେସ ସଭାପତି ଦଳର ନେତା କର୍ମୀ ସ
ଜିଲା କଂଗ୍ରେସ ସଭାପତି ଦଳର ନେତା କର୍ମୀ ସ
ଜିଲା କଂଗ୍ରେସ ସଭାପତି ଦଳର ନେତା କର୍ମୀ ସ
ଜିଲା କଂଗ୍ରେସ ସଭାପତି ଦଳର ନେତା କର୍ମୀ ସ
ଜିଲା କଂଗ୍ରେସ ସଭାପତି ଦଳର ନେତା କର୍ମୀ ସ
ଜିଲା କଂଗ୍ରେସ ସଭାପତି ଦଳର ନେତା କର୍ମୀ ସ
ଜିଲା କଂଗ୍ରେସ ସଭାପତି ଦଳର ନେତା କର୍ମୀ ସ
ଜିଲା କଂଗ୍ରେସ ସଭାପତି ଦଳର ନେତା କର୍ମୀ ସ
ଜିଲା କଂଗ୍ରେସ ସଭାପତି ଦଳର ନେତା କର୍ମୀ ସ
ବରିଷ୍ଠ ଆଇନଜୀବୀଙ୍କ ବିୟୋଗରେ ଶୋକ
ଅଠଗଡ଼, (ନିଜ ପ୍ରତିନିଧି) : ବରିଷ୍ଠ ଆଇନ
ଜିଲା କଂଗ୍ରେସ ସଭାପତି ଦଳର ନେତା କର୍ମୀ ସ
ଜିଲା କଂଗ୍ରେସ ସଭାପତି ଦଳର ନେତା କର୍ମୀ ସ
ଜିଲା କଂଗ୍ରେସ ସଭାପତି ଦଳର ନେତା କର୍ମୀ ସ
ଜିଲା କଂଗ୍ରେସ ସଭାପତି ଦଳର ନେତା କର୍ମୀ ସ
ଜିଲା କଂଗ୍ରେସ ସଭାପତି ଦଳର ନେତା କର୍ମୀ ସ
ଜିଲା କଂଗ୍ରେସ ସଭାପତି ଦଳର ନେତା କର୍ମୀ ସ
ଜିଲା କଂଗ୍ରେସ ସଭାପତି ଦଳର ନେତା କର୍ମୀ ସ
ଜିଲା କଂଗ୍ରେସ ସଭାପତି ଦଳର ନେତା କର୍ମୀ ସ
ଜିଲା କଂଗ୍ରେସ ସଭାପତି ଦଳର ନେତା କର୍ମୀ ସ
ଜିଲା କଂଗ୍ରେସ ସଭାପତି ଦଳର ନେତା କର୍ମୀ ସ
ଜିଲା କଂଗ୍ରେସ ସଭାପତି ଦଳର ନେତା କର୍ମୀ ସ
ଜିଲା କଂଗ୍ରେସ ସଭାପତି ଦଳର ନେତା କର୍ମୀ ସ
ଜିଲା କଂଗ୍ରେସ ସଭାପତି ଦଳର ନେତା କର୍ମୀ ସ
ଜିଲା କଂଗ୍ରେସ ସଭାପତି ଦଳର ନେତା କର୍ମୀ ସ
ଜିଲା କଂଗ୍ରେସ ସଭାପତି ଦଳର ନେତା କର୍ମୀ ସ
ଜିଲା କଂଗ୍ରେସ ସଭାପତି ଦଳର ନେତା କର୍ମୀ ସ
ଜିଲା କଂଗ୍ରେସ ସଭାପତି ଦଳର ନେତା କର୍ମୀ ସ
ଜିଲା କଂଗ୍ରେସ ସଭାପତି ଦଳର ନେତା କର୍ମୀ ସ
ଜିଲା କଂଗ୍ରେସ ସଭାପତି ଦଳର ନେତା କର୍ମୀ ସ
ଜିଲା କଂଗ୍ରେସ ସଭାପତି ଦଳର ନେତା କର୍ମୀ ସ
ଜିଲା କଂଗ୍ରେସ ସଭାପତି ଦଳର ନେତା କର୍ମୀ ସ
ଜିଲା କଂଗ୍ରେସ ସଭାପତି ଦଳର ନେତା କର୍ମୀ ସ
ଜିଲା କଂଗ୍ରେସ ସଭାପତି ଦଳର ନେତା କର୍ମୀ ସ
ଜିଲା କଂଗ୍ରେସ ସଭାପତି ଦଳର ନେତା କର୍ମୀ ସ
ଜିଲା କଂଗ୍ରେସ ସଭାପତି ଦଳର ନେତା କର୍ମୀ ସ
ଜିଲା କଂଗ୍ରେସ ସଭାପତି ଦଳର ନେତା କର୍ମୀ ସ
ଜିଲା କଂଗ୍ରେସ ସଭାପତି ଦଳର ନେତା କର୍ମୀ ସ
ଜିଲା କଂଗ୍ରେସ ସଭାପତି ଦଳର ନେତା କର୍ମୀ ସ
ଜିଲା କଂଗ୍ରେସ ସଭାପତି ଦଳର ନେତା କର୍ମୀ ସ
ଜିଲା କଂଗ୍ରେସ ସଭାପତି ଦଳର ନେତା କର୍ମୀ ସ
ଜିଲା କଂଗ୍ରେସ ସଭାପତି ଦଳର ନେତା କର୍ମୀ ସ
ଜିଲା କଂଗ୍ରେସ ସଭାପତି ଦଳର ନେତା କର୍ମୀ ସ
ଜିଲା କଂଗ୍ରେସ ସଭାପତି ଦଳର ନେତା କର୍ମୀ ସ
ଜିଲା କଂଗ୍ରେସ ସଭାପତି ଦଳର ନେତା କର୍ମୀ ସ
ଜିଲା କଂଗ୍ରେସ ସଭାପତି ଦଳର ନେତା କର୍ମୀ ସ
ଜିଲା କଂଗ୍ରେସ ସଭାପତି ଦଳର ନେତା କର୍ମୀ ସ
ଜିଲା କଂଗ୍ରେସ ସଭାପତି ଦଳର ନେତା କର୍ମୀ ସ
ଜିଲା କଂଗ୍ରେସ ସଭାପତି ଦଳର ନେତା କର୍ମୀ ସ
ଜିଲା କଂଗ୍ରେସ ସଭାପତି ଦଳର ନେତା କର୍ମୀ ସ
ଜିଲା କଂଗ୍ରେସ ସଭାପତି ଦଳର ନେତା କର୍ମୀ ସ
ଜିଲା କଂଗ୍ରେସ ସଭାପତି ଦଳର ନେତା କର୍ମୀ ସ
ଜିଲା କଂଗ୍ରେସ ସଭାପତି ଦଳର ନେତା କର୍ମୀ ସ
ଜିଲା କଂଗ୍ରେସ ସଭାପତି ଦଳର ନେତା କର୍ମୀ ସ
ଜିଲା କଂଗ୍ରେସ ସଭାପତି ଦଳର ନେତା କର୍ମୀ ସ
ଜିଲା କଂଗ୍ରେସ ସଭାପତି ଦଳର ନେତା କର୍ମୀ ସ
ଜିଲା କଂଗ୍ରେସ ସଭାପତି ଦଳର ନେତା କର୍ମୀ ସ
ଜିଲା କଂଗ୍ରେସ ସଭାପତି ଦଳର ନେତା କର୍ମୀ ସ
ଜିଲା କଂଗ୍ରେସ ସଭାପତି ଦଳର ନେତା କର୍ମୀ ସ
ଜିଲା କଂଗ୍ରେସ ସଭାପତି ଦଳର ନେତା କର୍ମୀ ସ
ଜିଲା କଂଗ୍ରେସ ସଭାପତି ଦଳର ନେତା କର୍ମୀ ସ
ଜିଲା କଂଗ୍ରେସ ସଭାପତି ଦଳର ନେତା କର୍ମୀ ସ
ଜିଲା କଂଗ୍ରେସ ସଭାପତି ଦଳର ନେତା କର୍ମୀ ସ
ଜିଲା କଂଗ୍ରେସ ସଭାପତି ଦଳର ନେତା କର୍ମୀ ସ
ଜିଲା କଂଗ୍ରେସ ସଭାପତି ଦଳର ନେତା କର୍ମୀ ସ
ଜିଲା କଂଗ୍ରେସ ସଭାପତି ଦଳର ନେତା କର୍ମୀ ସ
ଜିଲା କଂଗ୍ରେସ ସଭାପତି ଦଳର ନେତା କର୍ମୀ ସ
ଜିଲା କଂଗ୍ରେସ ସଭାପତି ଦଳର ନେତା କର୍ମୀ ସ
ଜିଲା କଂଗ୍ରେସ ସଭାପତି ଦଳର ନେତା କର୍ମୀ ସ
ଜିଲା କଂଗ୍ରେସ ସଭାପତି ଦଳର ନେତା କର୍ମୀ ସ
C M Y K
